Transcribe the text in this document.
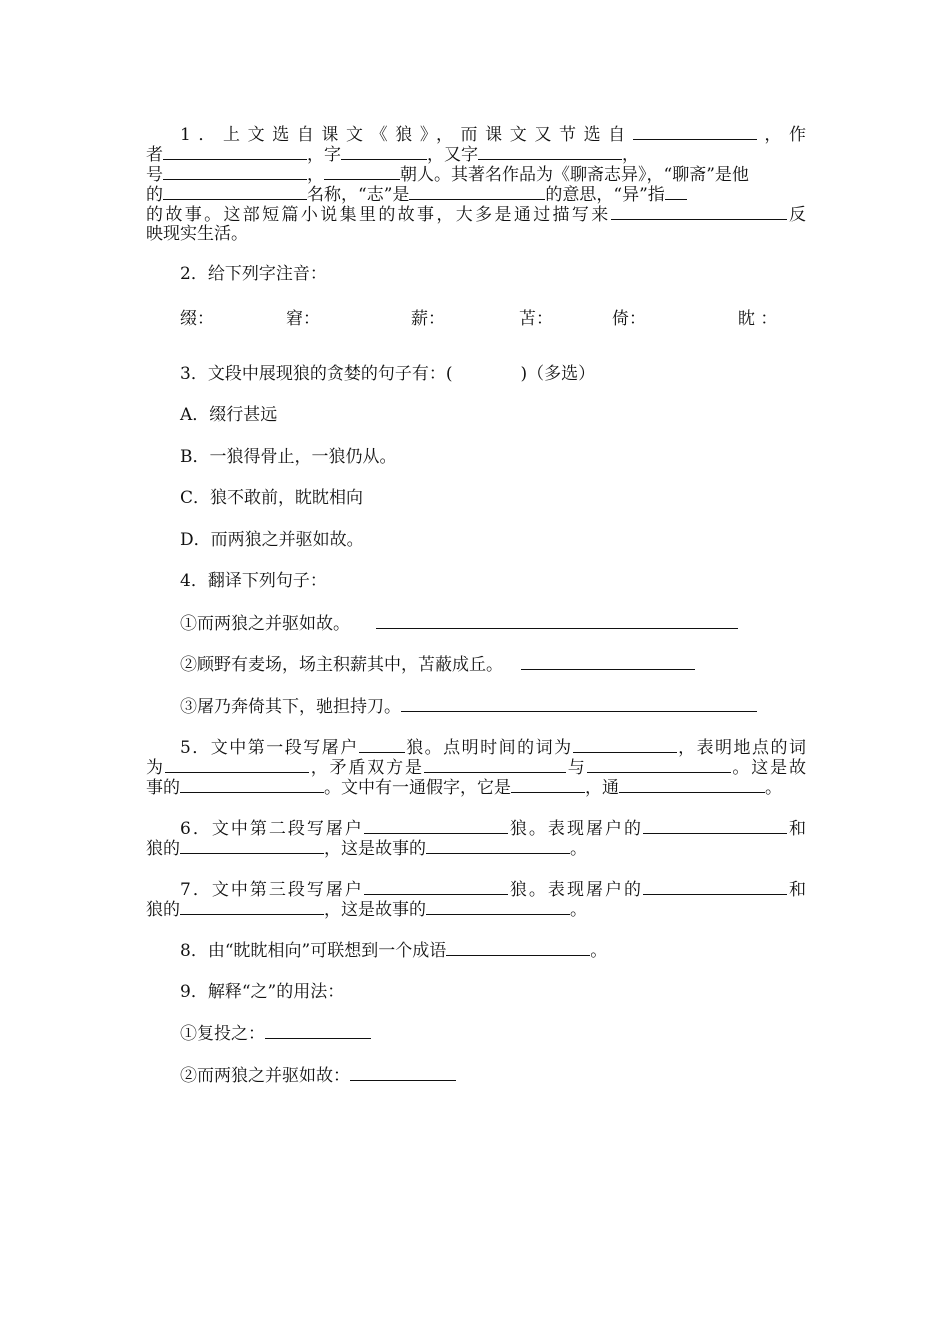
1．上文选自课文《狼》，而课文又节选自	，作
者	，字	，又字	，
号	，	朝人。其著名作品为《聊斋志异》，“聊斋”是他
的	名称，“志”是	的意思，“异”指
的故事。这部短篇小说集里的故事，大多是通过描写来	反
映现实生活。
2．给下列字注音：
缀：	窘：	薪：	苫：	倚：	眈 ：
3．文段中展现狼的贪婪的句子有：(　　　　)（多选）
A．缀行甚远
B．一狼得骨止，一狼仍从。
C．狼不敢前，眈眈相向
D．而两狼之并驱如故。
4．翻译下列句子：
①而两狼之并驱如故。
②顾野有麦场，场主积薪其中，苫蔽成丘。
③屠乃奔倚其下，驰担持刀。
5．文中第一段写屠户	狼。点明时间的词为	，表明地点的词
为	，矛盾双方是	与	。这是故
事的	。文中有一通假字，它是	，通	。
6．文中第二段写屠户	狼。表现屠户的	和
狼的	，这是故事的	。
7．文中第三段写屠户	狼。表现屠户的	和
狼的	，这是故事的	。
8．由“眈眈相向”可联想到一个成语	。
9．解释“之”的用法：
①复投之：
②而两狼之并驱如故：
